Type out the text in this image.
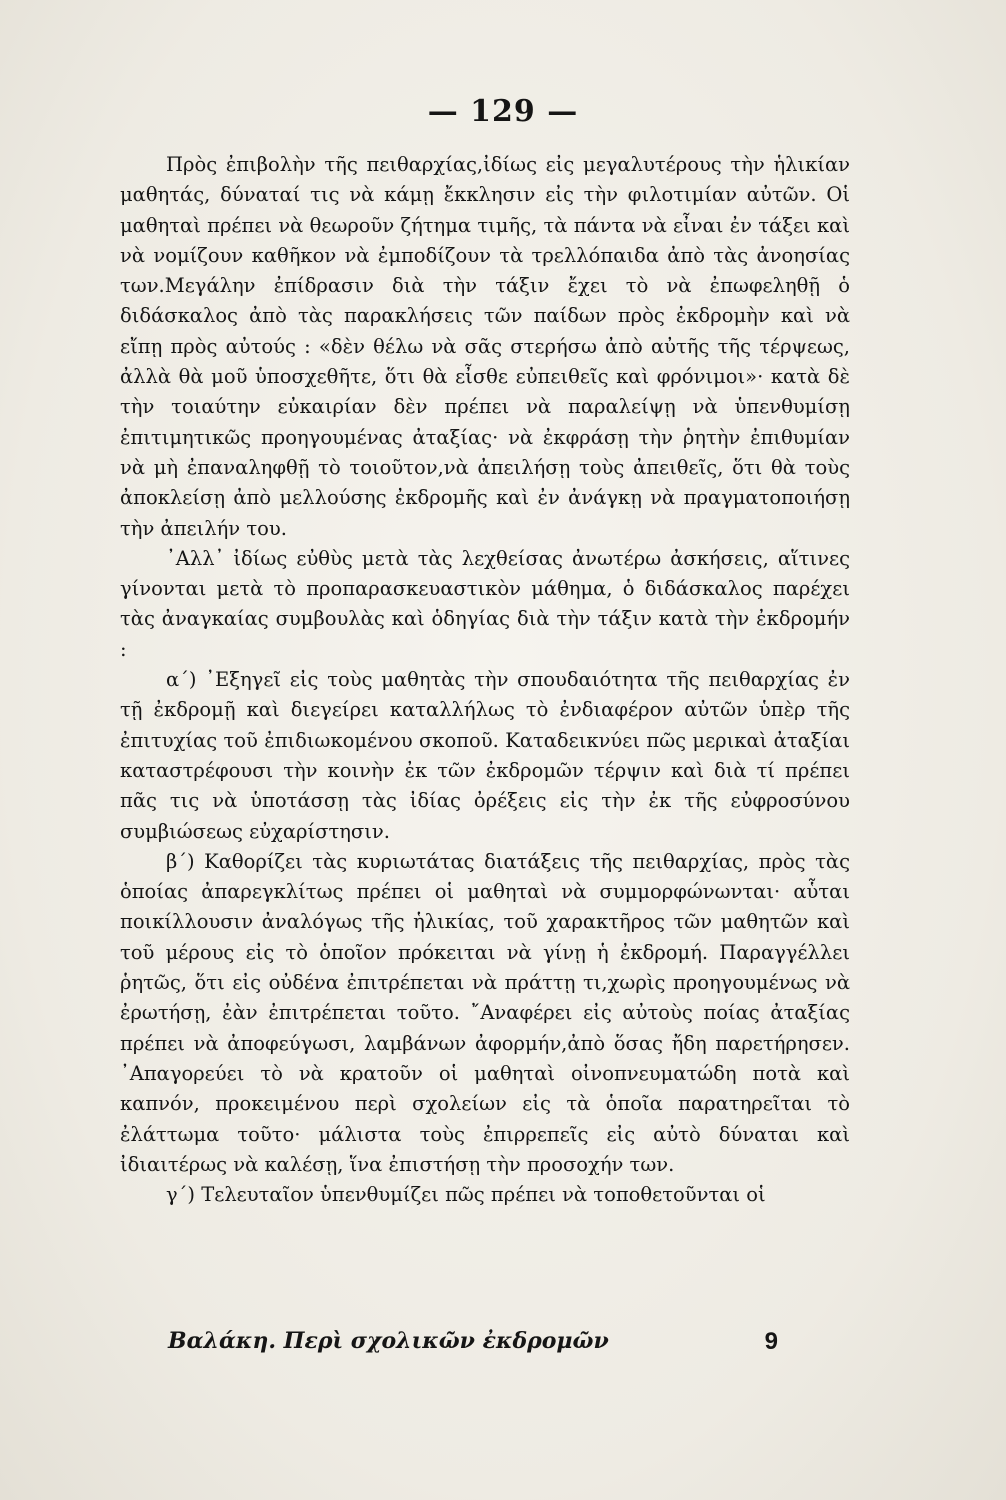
— 129 —

Πρὸς ἐπιβολὴν τῆς πειθαρχίας,ἰδίως εἰς μεγαλυτέρους τὴν ἡλικίαν μαθητάς, δύναταί τις νὰ κάμῃ ἔκκλησιν εἰς τὴν φιλοτιμίαν αὐτῶν. Οἱ μαθηταὶ πρέπει νὰ θεωροῦν ζήτημα τιμῆς, τὰ πάντα νὰ εἶναι ἐν τάξει καὶ νὰ νομίζουν καθῆκον νὰ ἐμποδίζουν τὰ τρελλόπαιδα ἀπὸ τὰς ἀνοησίας των.Μεγάλην ἐπίδρασιν διὰ τὴν τάξιν ἔχει τὸ νὰ ἐπωφεληθῇ ὁ διδάσκαλος ἀπὸ τὰς παρακλήσεις τῶν παίδων πρὸς ἐκδρομὴν καὶ νὰ εἴπῃ πρὸς αὐτούς : «δὲν θέλω νὰ σᾶς στερήσω ἀπὸ αὐτῆς τῆς τέρψεως, ἀλλὰ θὰ μοῦ ὑποσχεθῆτε, ὅτι θὰ εἶσθε εὐπειθεῖς καὶ φρόνιμοι»· κατὰ δὲ τὴν τοιαύτην εὐκαιρίαν δὲν πρέπει νὰ παραλείψῃ νὰ ὑπενθυμίσῃ ἐπιτιμητικῶς προηγουμένας ἀταξίας· νὰ ἐκφράσῃ τὴν ῥητὴν ἐπιθυμίαν νὰ μὴ ἐπαναληφθῇ τὸ τοιοῦτον,νὰ ἀπειλήσῃ τοὺς ἀπειθεῖς, ὅτι θὰ τοὺς ἀποκλείσῃ ἀπὸ μελλούσης ἐκδρομῆς καὶ ἐν ἀνάγκῃ νὰ πραγματοποιήσῃ τὴν ἀπειλήν του.

᾿Αλλ᾿ ἰδίως εὐθὺς μετὰ τὰς λεχθείσας ἀνωτέρω ἀσκήσεις, αἵτινες γίνονται μετὰ τὸ προπαρασκευαστικὸν μάθημα, ὁ διδάσκαλος παρέχει τὰς ἀναγκαίας συμβουλὰς καὶ ὁδηγίας διὰ τὴν τάξιν κατὰ τὴν ἐκδρομήν :

α΄) ᾿Εξηγεῖ εἰς τοὺς μαθητὰς τὴν σπουδαιότητα τῆς πειθαρχίας ἐν τῇ ἐκδρομῇ καὶ διεγείρει καταλλήλως τὸ ἐνδιαφέρον αὐτῶν ὑπὲρ τῆς ἐπιτυχίας τοῦ ἐπιδιωκομένου σκοποῦ. Καταδεικνύει πῶς μερικαὶ ἀταξίαι καταστρέφουσι τὴν κοινὴν ἐκ τῶν ἐκδρομῶν τέρψιν καὶ διὰ τί πρέπει πᾶς τις νὰ ὑποτάσσῃ τὰς ἰδίας ὀρέξεις εἰς τὴν ἐκ τῆς εὐφροσύνου συμβιώσεως εὐχαρίστησιν.

β΄) Καθορίζει τὰς κυριωτάτας διατάξεις τῆς πειθαρχίας, πρὸς τὰς ὁποίας ἀπαρεγκλίτως πρέπει οἱ μαθηταὶ νὰ συμμορφώνωνται· αὗται ποικίλλουσιν ἀναλόγως τῆς ἡλικίας, τοῦ χαρακτῆρος τῶν μαθητῶν καὶ τοῦ μέρους εἰς τὸ ὁποῖον πρόκειται νὰ γίνῃ ἡ ἐκδρομή. Παραγγέλλει ῥητῶς, ὅτι εἰς οὐδένα ἐπιτρέπεται νὰ πράττῃ τι,χωρὶς προηγουμένως νὰ ἐρωτήσῃ, ἐὰν ἐπιτρέπεται τοῦτο. ῎Αναφέρει εἰς αὐτοὺς ποίας ἀταξίας πρέπει νὰ ἀποφεύγωσι, λαμβάνων ἀφορμήν,ἀπὸ ὅσας ἤδη παρετήρησεν. ᾿Απαγορεύει τὸ νὰ κρατοῦν οἱ μαθηταὶ οἰνοπνευματώδη ποτὰ καὶ καπνόν, προκειμένου περὶ σχολείων εἰς τὰ ὁποῖα παρατηρεῖται τὸ ἐλάττωμα τοῦτο· μάλιστα τοὺς ἐπιρρεπεῖς εἰς αὐτὸ δύναται καὶ ἰδιαιτέρως νὰ καλέσῃ, ἵνα ἐπιστήσῃ τὴν προσοχήν των.

γ΄) Τελευταῖον ὑπενθυμίζει πῶς πρέπει νὰ τοποθετοῦνται οἱ

Βαλάκη. Περὶ σχολικῶν ἐκδρομῶν	9
